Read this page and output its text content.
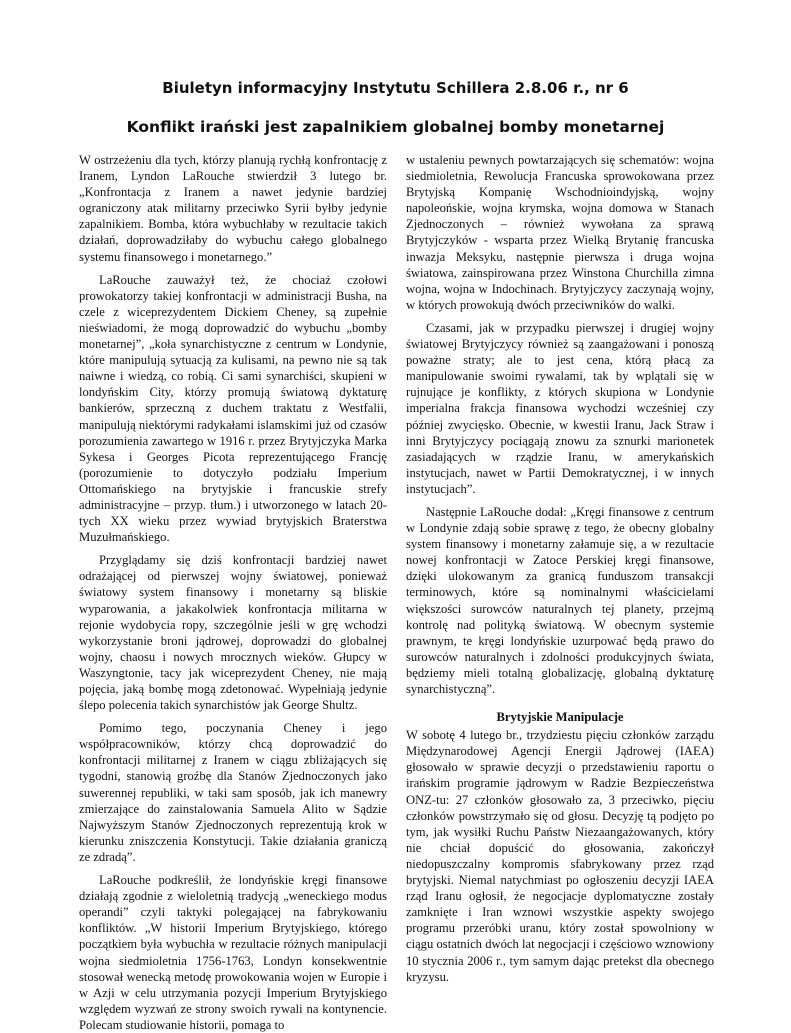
Biuletyn informacyjny Instytutu Schillera 2.8.06 r., nr 6
Konflikt irański jest zapalnikiem globalnej bomby monetarnej

W ostrzeżeniu dla tych, którzy planują rychłą konfrontację z Iranem, Lyndon LaRouche stwierdził 3 lutego br. „Konfrontacja z Iranem a nawet jedynie bardziej ograniczony atak militarny przeciwko Syrii byłby jedynie zapalnikiem. Bomba, która wybuchłaby w rezultacie takich działań, doprowadziłaby do wybuchu całego globalnego systemu finansowego i monetarnego.”

LaRouche zauważył też, że chociaż czołowi prowokatorzy takiej konfrontacji w administracji Busha, na czele z wiceprezydentem Dickiem Cheney, są zupełnie nieświadomi, że mogą doprowadzić do wybuchu „bomby monetarnej”, „koła synarchistyczne z centrum w Londynie, które manipulują sytuacją za kulisami, na pewno nie są tak naiwne i wiedzą, co robią. Ci sami synarchiści, skupieni w londyńskim City, którzy promują światową dyktaturę bankierów, sprzeczną z duchem traktatu z Westfalii, manipulują niektórymi radykałami islamskimi już od czasów porozumienia zawartego w 1916 r. przez Brytyjczyka Marka Sykesa i Georges Picota reprezentującego Francję (porozumienie to dotyczyło podziału Imperium Ottomańskiego na brytyjskie i francuskie strefy administracyjne – przyp. tłum.) i utworzonego w latach 20-tych XX wieku przez wywiad brytyjskich Braterstwa Muzułmańskiego.

Przyglądamy się dziś konfrontacji bardziej nawet odrażającej od pierwszej wojny światowej, ponieważ światowy system finansowy i monetarny są bliskie wyparowania, a jakakolwiek konfrontacja militarna w rejonie wydobycia ropy, szczególnie jeśli w grę wchodzi wykorzystanie broni jądrowej, doprowadzi do globalnej wojny, chaosu i nowych mrocznych wieków. Głupcy w Waszyngtonie, tacy jak wiceprezydent Cheney, nie mają pojęcia, jaką bombę mogą zdetonować. Wypełniają jedynie ślepo polecenia takich synarchistów jak George Shultz.

Pomimo tego, poczynania Cheney i jego współpracowników, którzy chcą doprowadzić do konfrontacji militarnej z Iranem w ciągu zbliżających się tygodni, stanowią groźbę dla Stanów Zjednoczonych jako suwerennej republiki, w taki sam sposób, jak ich manewry zmierzające do zainstalowania Samuela Alito w Sądzie Najwyższym Stanów Zjednoczonych reprezentują krok w kierunku zniszczenia Konstytucji. Takie działania graniczą ze zdradą”.

LaRouche podkreślił, że londyńskie kręgi finansowe działają zgodnie z wieloletnią tradycją „weneckiego modus operandi” czyli taktyki polegającej na fabrykowaniu konfliktów. „W historii Imperium Brytyjskiego, którego początkiem była wybuchła w rezultacie różnych manipulacji wojna siedmioletnia 1756-1763, Londyn konsekwentnie stosował wenecką metodę prowokowania wojen w Europie i w Azji w celu utrzymania pozycji Imperium Brytyjskiego względem wyzwań ze strony swoich rywali na kontynencie. Polecam studiowanie historii, pomaga to

w ustaleniu pewnych powtarzających się schematów: wojna siedmioletnia, Rewolucja Francuska sprowokowana przez Brytyjską Kompanię Wschodnioindyjską, wojny napoleońskie, wojna krymska, wojna domowa w Stanach Zjednoczonych – również wywołana za sprawą Brytyjczyków - wsparta przez Wielką Brytanię francuska inwazja Meksyku, następnie pierwsza i druga wojna światowa, zainspirowana przez Winstona Churchilla zimna wojna, wojna w Indochinach. Brytyjczycy zaczynają wojny, w których prowokują dwóch przeciwników do walki.

Czasami, jak w przypadku pierwszej i drugiej wojny światowej Brytyjczycy również są zaangażowani i ponoszą poważne straty; ale to jest cena, którą płacą za manipulowanie swoimi rywalami, tak by wplątali się w rujnujące je konflikty, z których skupiona w Londynie imperialna frakcja finansowa wychodzi wcześniej czy później zwycięsko. Obecnie, w kwestii Iranu, Jack Straw i inni Brytyjczycy pociągają znowu za sznurki marionetek zasiadających w rządzie Iranu, w amerykańskich instytucjach, nawet w Partii Demokratycznej, i w innych instytucjach”.

Następnie LaRouche dodał: „Kręgi finansowe z centrum w Londynie zdają sobie sprawę z tego, że obecny globalny system finansowy i monetarny załamuje się, a w rezultacie nowej konfrontacji w Zatoce Perskiej kręgi finansowe, dzięki ulokowanym za granicą funduszom transakcji terminowych, które są nominalnymi właścicielami większości surowców naturalnych tej planety, przejmą kontrolę nad polityką światową. W obecnym systemie prawnym, te kręgi londyńskie uzurpować będą prawo do surowców naturalnych i zdolności produkcyjnych świata, będziemy mieli totalną globalizację, globalną dyktaturę synarchistyczną”.

Brytyjskie Manipulacje

W sobotę 4 lutego br., trzydziestu pięciu członków zarządu Międzynarodowej Agencji Energii Jądrowej (IAEA) głosowało w sprawie decyzji o przedstawieniu raportu o irańskim programie jądrowym w Radzie Bezpieczeństwa ONZ-tu: 27 członków głosowało za, 3 przeciwko, pięciu członków powstrzymało się od głosu. Decyzję tą podjęto po tym, jak wysiłki Ruchu Państw Niezaangażowanych, który nie chciał dopuścić do głosowania, zakończył niedopuszczalny kompromis sfabrykowany przez rząd brytyjski. Niemal natychmiast po ogłoszeniu decyzji IAEA rząd Iranu ogłosił, że negocjacje dyplomatyczne zostały zamknięte i Iran wznowi wszystkie aspekty swojego programu przeróbki uranu, który został spowolniony w ciągu ostatnich dwóch lat negocjacji i częściowo wznowiony 10 stycznia 2006 r., tym samym dając pretekst dla obecnego kryzysu.
